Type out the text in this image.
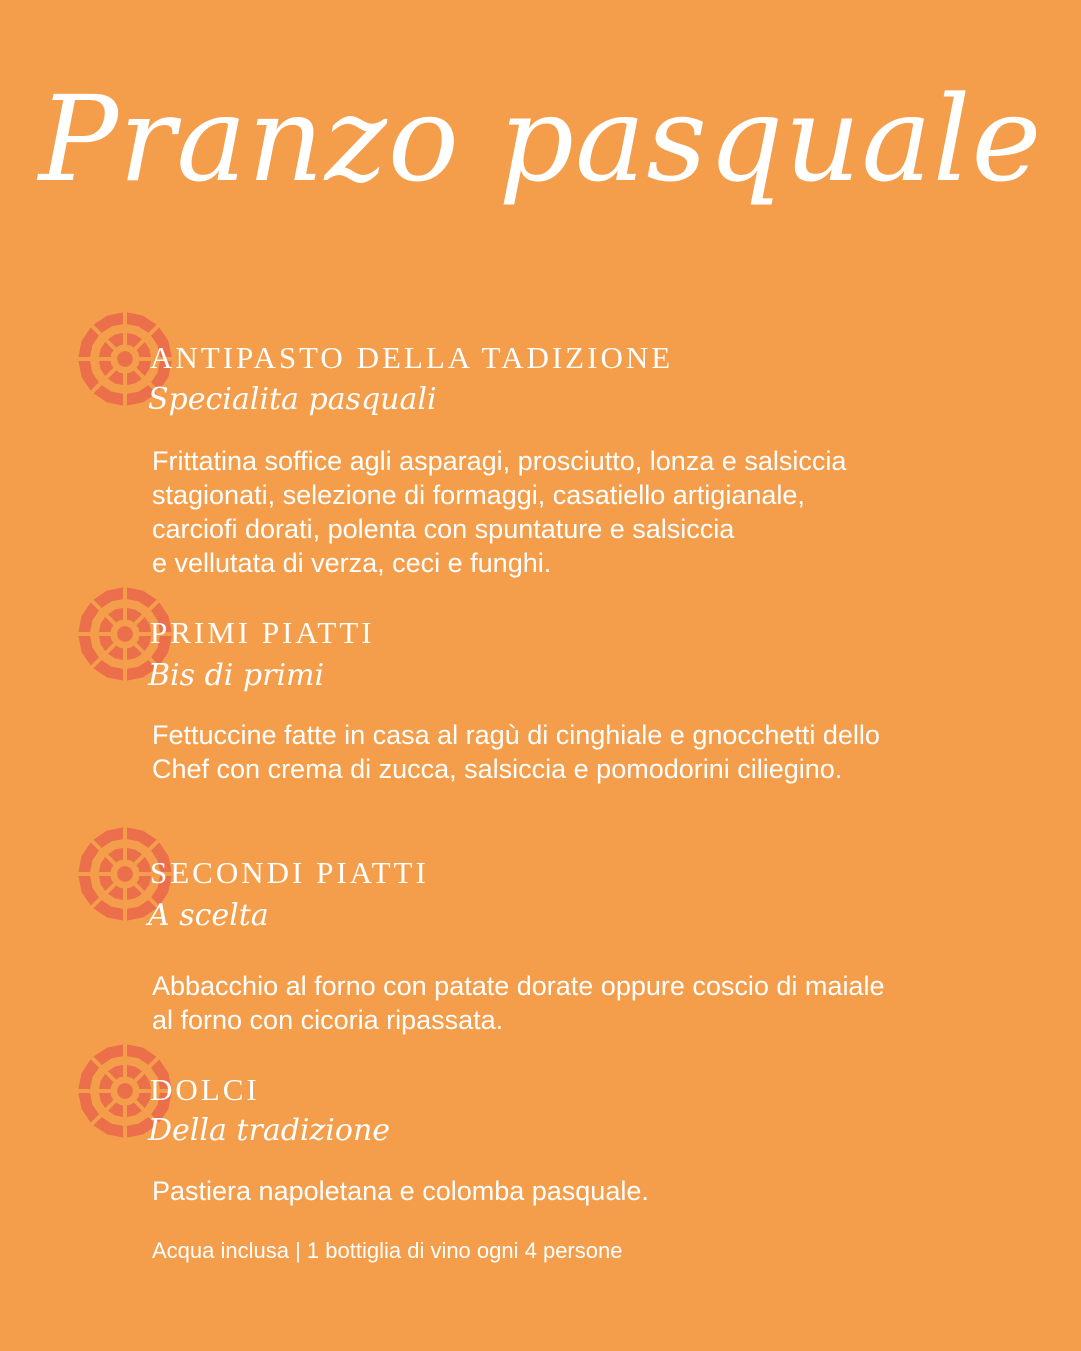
Pranzo pasquale
ANTIPASTO DELLA TADIZIONE
Specialita pasquali
Frittatina soffice agli asparagi, prosciutto, lonza e salsiccia
stagionati, selezione di formaggi, casatiello artigianale,
carciofi dorati, polenta con spuntature e salsiccia
e vellutata di verza, ceci e funghi.
PRIMI PIATTI
Bis di primi
Fettuccine fatte in casa al ragù di cinghiale e gnocchetti dello
Chef con crema di zucca, salsiccia e pomodorini ciliegino.
SECONDI PIATTI
A scelta
Abbacchio al forno con patate dorate oppure coscio di maiale
al forno con cicoria ripassata.
DOLCI
Della tradizione
Pastiera napoletana e colomba pasquale.
Acqua inclusa | 1 bottiglia di vino ogni 4 persone
